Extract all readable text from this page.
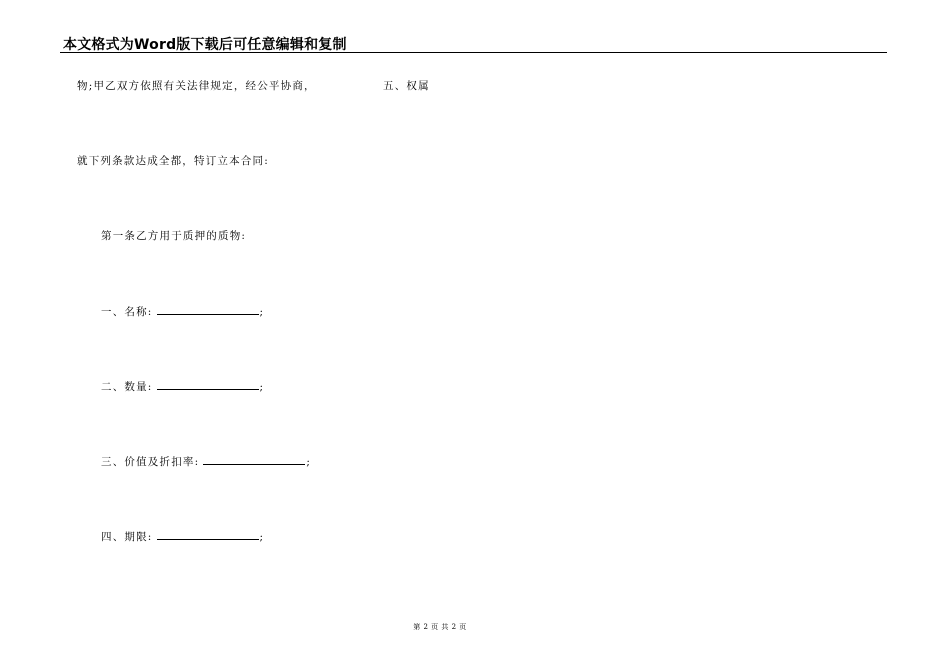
本文格式为Word版下载后可任意编辑和复制
物;甲乙双方依照有关法律规定，经公平协商，	五、权属
就下列条款达成全都，特订立本合同:
第一条乙方用于质押的质物:
一、名称:	;
二、数量:	;
三、价值及折扣率:	;
四、期限:	;
第 2 页 共 2 页
